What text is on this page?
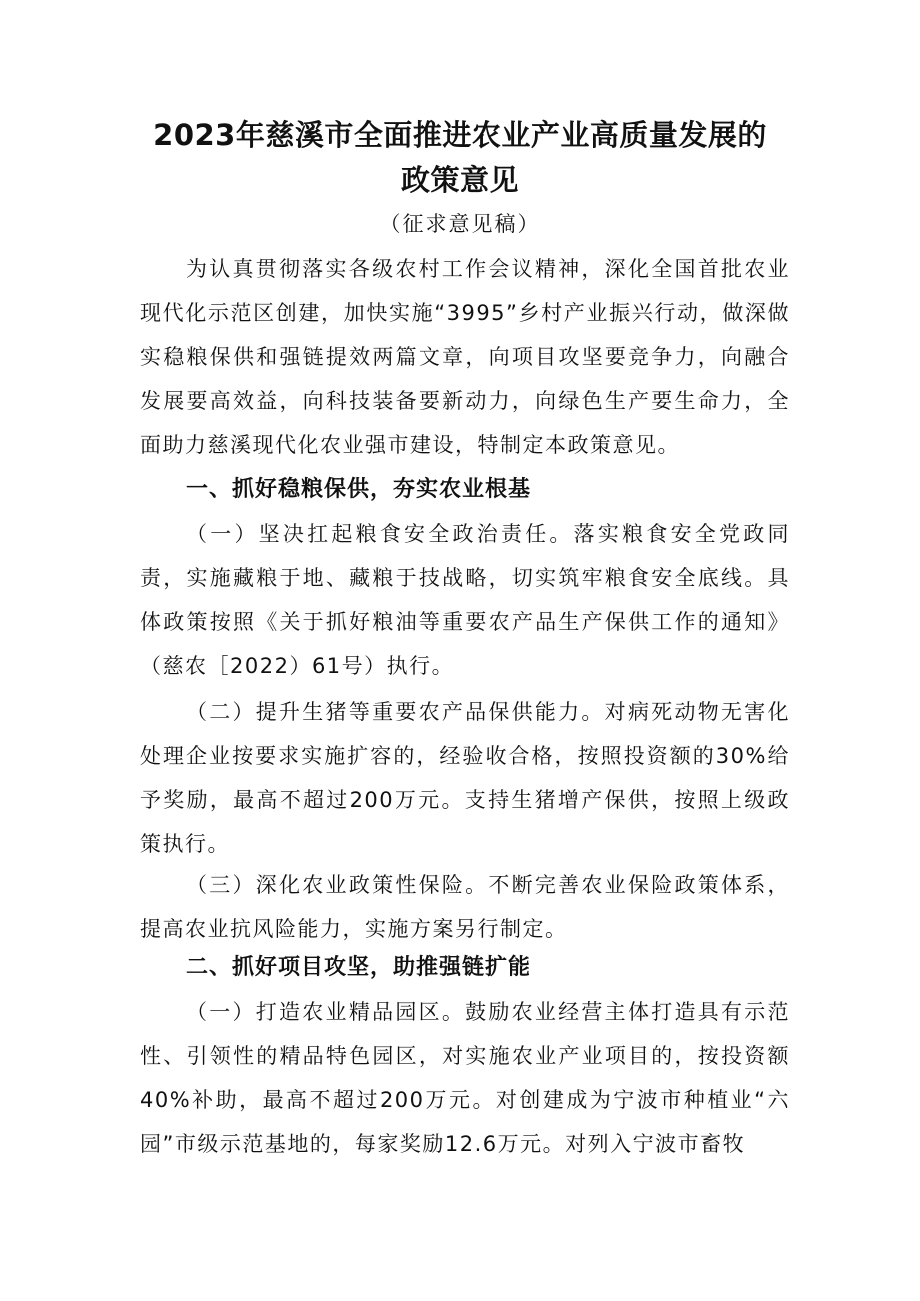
2023年慈溪市全面推进农业产业高质量发展的
政策意见

（征求意见稿）

为认真贯彻落实各级农村工作会议精神，深化全国首批农业现代化示范区创建，加快实施“3995”乡村产业振兴行动，做深做实稳粮保供和强链提效两篇文章，向项目攻坚要竞争力，向融合发展要高效益，向科技装备要新动力，向绿色生产要生命力，全面助力慈溪现代化农业强市建设，特制定本政策意见。

一、抓好稳粮保供，夯实农业根基

（一）坚决扛起粮食安全政治责任。落实粮食安全党政同责，实施藏粮于地、藏粮于技战略，切实筑牢粮食安全底线。具体政策按照《关于抓好粮油等重要农产品生产保供工作的通知》（慈农［2022）61号）执行。

（二）提升生猪等重要农产品保供能力。对病死动物无害化处理企业按要求实施扩容的，经验收合格，按照投资额的30%给予奖励，最高不超过200万元。支持生猪增产保供，按照上级政策执行。

（三）深化农业政策性保险。不断完善农业保险政策体系，提高农业抗风险能力，实施方案另行制定。

二、抓好项目攻坚，助推强链扩能

（一）打造农业精品园区。鼓励农业经营主体打造具有示范性、引领性的精品特色园区，对实施农业产业项目的，按投资额40%补助，最高不超过200万元。对创建成为宁波市种植业“六园”市级示范基地的，每家奖励12.6万元。对列入宁波市畜牧
